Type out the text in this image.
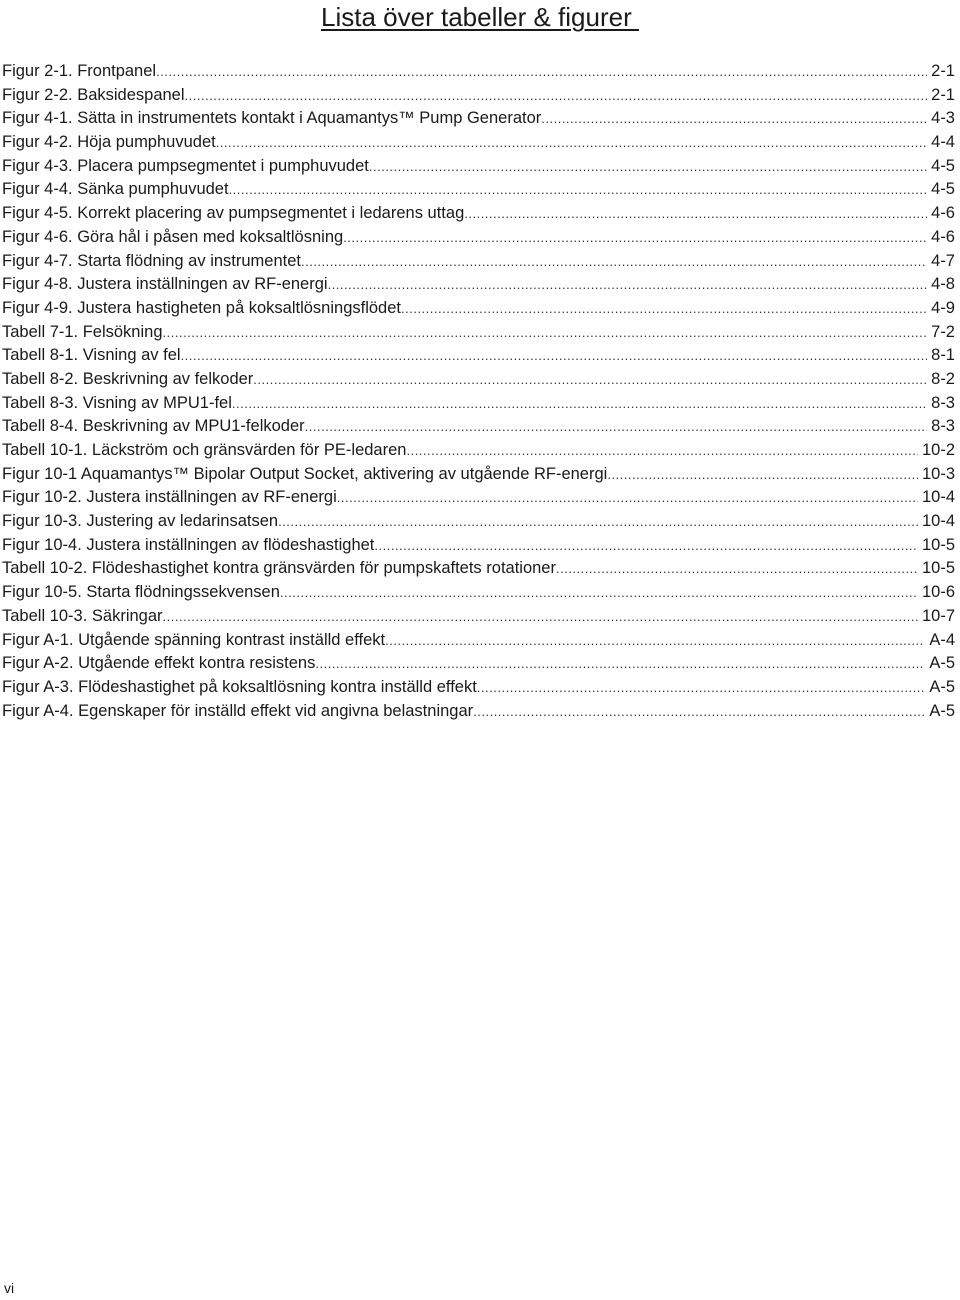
Lista över tabeller & figurer
Figur 2-1. Frontpanel .....	2-1
Figur 2-2. Baksidespanel .....	2-1
Figur 4-1. Sätta in instrumentets kontakt i Aquamantys™ Pump Generator .....	4-3
Figur 4-2. Höja pumphuvudet .....	4-4
Figur 4-3. Placera pumpsegmentet i pumphuvudet .....	4-5
Figur 4-4. Sänka pumphuvudet .....	4-5
Figur 4-5. Korrekt placering av pumpsegmentet i ledarens uttag .....	4-6
Figur 4-6. Göra hål i påsen med koksaltlösning .....	4-6
Figur 4-7. Starta flödning av instrumentet .....	4-7
Figur 4-8. Justera inställningen av RF-energi .....	4-8
Figur 4-9. Justera hastigheten på koksaltlösningsflödet .....	4-9
Tabell 7-1. Felsökning .....	7-2
Tabell 8-1. Visning av fel .....	8-1
Tabell 8-2. Beskrivning av felkoder .....	8-2
Tabell 8-3. Visning av MPU1-fel .....	8-3
Tabell 8-4. Beskrivning av MPU1-felkoder .....	8-3
Tabell 10-1. Läckström och gränsvärden för PE-ledaren .....	10-2
Figur 10-1 Aquamantys™ Bipolar Output Socket, aktivering av utgående RF-energi .....	10-3
Figur 10-2. Justera inställningen av RF-energi .....	10-4
Figur 10-3. Justering av ledarinsatsen .....	10-4
Figur 10-4. Justera inställningen av flödeshastighet .....	10-5
Tabell 10-2. Flödeshastighet kontra gränsvärden för pumpskaftets rotationer .....	10-5
Figur 10-5. Starta flödningssekvensen .....	10-6
Tabell 10-3. Säkringar .....	10-7
Figur A-1. Utgående spänning kontrast inställd effekt .....	A-4
Figur A-2. Utgående effekt kontra resistens .....	A-5
Figur A-3. Flödeshastighet på koksaltlösning kontra inställd effekt .....	A-5
Figur A-4. Egenskaper för inställd effekt vid angivna belastningar .....	A-5
vi
